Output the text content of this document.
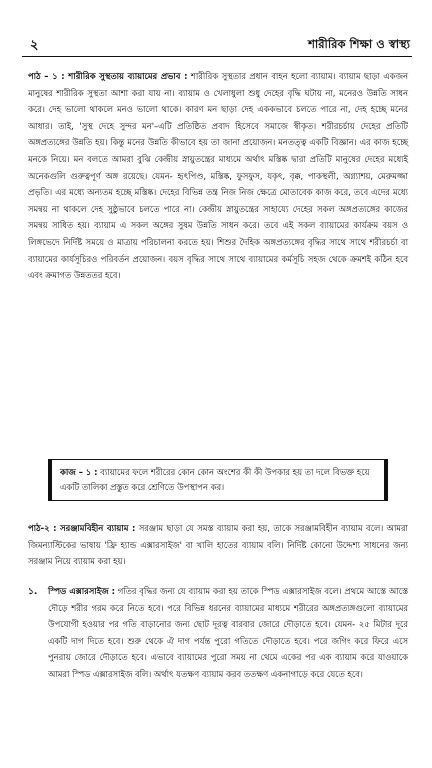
২	শারীরিক শিক্ষা ও স্বাস্থ্য
পাঠ – ১ : শারীরিক সুস্থতায় ব্যায়ামের প্রভাব : শারীরিক সুস্থতার প্রধান বাহন হলো ব্যায়াম। ব্যায়াম ছাড়া একজন মানুষের শারীরিক সুস্থতা আশা করা যায় না। ব্যায়াম ও খেলাধুলা শুধু দেহের বৃদ্ধি ঘটায় না, মনেরও উন্নতি সাধন করে। দেহ ভালো থাকলে মনও ভালো থাকে। কারণ মন ছাড়া দেহ এককভাবে চলতে পারে না, দেহ হচ্ছে মনের আধার। তাই, 'সুস্থ দেহে সুন্দর মন'–এটি প্রতিষ্ঠিত প্রবাদ হিসেবে সমাজে স্বীকৃত। শরীরচর্চায় দেহের প্রতিটি অঙ্গপ্রত্যঙ্গের উন্নতি হয়। কিন্তু মনের উন্নতি কীভাবে হয় তা জানা প্রয়োজন। মনতত্ত্ব একটি বিজ্ঞান। এর কাজ হচ্ছে মনকে নিয়ে। মন বলতে আমরা বুঝি কেন্দ্রীয় স্নায়ুতন্ত্রের মাধ্যমে অর্থাৎ মস্তিষ্ক দ্বারা প্রতিটি মানুষের দেহের মধ্যেই অনেকগুলি গুরুত্বপূর্ণ অঙ্গ রয়েছে। যেমন- হৃৎপিণ্ড, মস্তিষ্ক, ফুসফুস, যকৃৎ, বৃক্ক, পাকস্থলী, অগ্ন্যাশয়, মেরুমজ্জা প্রভৃতি। এর মধ্যে অন্যতম হচ্ছে মস্তিষ্ক। দেহের বিভিন্ন তন্ত্র নিজ নিজ ক্ষেত্রে মোতাবেক কাজ করে, তবে এদের মধ্যে সমন্বয় না থাকলে দেহ সুষ্ঠুভাবে চলতে পারে না। কেন্দ্রীয় স্নায়ুতন্ত্রের সাহায্যে দেহের সকল অঙ্গপ্রত্যঙ্গের কাজের সমন্বয় সাধিত হয়। ব্যায়াম এ সকল অঙ্গের সুষম উন্নতি সাধন করে। তবে এই সকল ব্যায়ামের কার্যক্রম বয়স ও লিঙ্গভেদে নির্দিষ্ট সময়ে ও মাত্রায় পরিচালনা করতে হয়। শিশুর দৈহিক অঙ্গপ্রত্যঙ্গের বৃদ্ধির সাথে সাথে শরীরচর্চা বা ব্যায়ামের কার্যসূচিরও পরিবর্তন প্রয়োজন। বয়স বৃদ্ধির সাথে সাথে ব্যায়ামের কর্মসূচি সহজ থেকে ক্রমশই কঠিন হবে এবং ক্রমাগত উন্নততর হবে।
কাজ – ১ : ব্যায়ামের ফলে শরীরের কোন কোন অংশের কী কী উপকার হয় তা দলে বিভক্ত হয়ে একটি তালিকা প্রস্তুত করে শ্রেণিতে উপস্থাপন কর।
পাঠ-২ : সরঞ্জামবিহীন ব্যায়াম : সরঞ্জাম ছাড়া যে সমস্ত ব্যায়াম করা হয়, তাকে সরঞ্জামবিহীন ব্যায়াম বলে। আমরা জিমন্যাস্টিকের ভাষায় 'ফ্রি হ্যান্ড এক্সারসাইজ' বা খালি হাতের ব্যায়াম বলি। নির্দিষ্ট কোনো উদ্দেশ্য সাধনের জন্য সরঞ্জাম নিয়ে ব্যায়াম করা হয়।
১. স্পিড এক্সারসাইজ : গতির বৃদ্ধির জন্য যে ব্যায়াম করা হয় তাকে স্পিড এক্সারসাইজ বলে। প্রথমে আস্তে আস্তে দৌড়ে শরীর গরম করে নিতে হবে। পরে বিভিন্ন ধরনের ব্যায়ামের মাধ্যমে শরীরের অঙ্গপ্রত্যঙ্গগুলো ব্যায়ামের উপযোগী হওয়ার পর গতি বাড়ানোর জন্য ছোট দূরত্ব বারবার জোরে দৌড়াতে হবে। যেমন- ২৫ মিটার দূরে একটি দাগ দিতে হবে। শুরু থেকে ঐ দাগ পর্যন্ত পুরো গতিতে দৌড়াতে হবে। পরে জগিং করে ফিরে এসে পুনরায় জোরে দৌড়াতে হবে। এভাবে ব্যায়ামের পুরো সময় না থেমে একের পর এক ব্যায়াম করে যাওয়াকে আমরা স্পিড এক্সারসাইজ বলি। অর্থাৎ যতক্ষণ ব্যায়াম করব ততক্ষণ একনাগাড়ে করে যেতে হবে।
